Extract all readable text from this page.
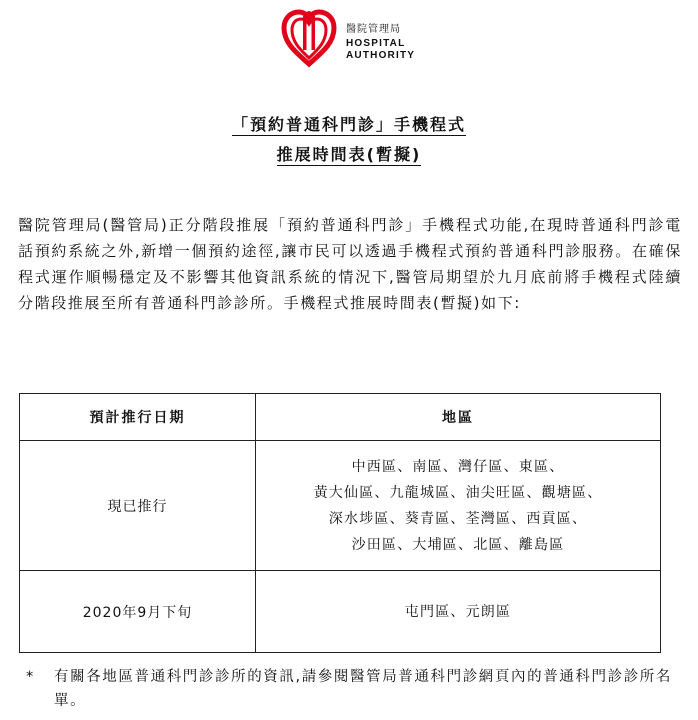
醫院管理局
HOSPITAL
AUTHORITY
「預約普通科門診」手機程式
推展時間表(暫擬)

醫院管理局(醫管局)正分階段推展「預約普通科門診」手機程式功能,在現時普通科門診電話預約系統之外,新增一個預約途徑,讓市民可以透過手機程式預約普通科門診服務。在確保程式運作順暢穩定及不影響其他資訊系統的情況下,醫管局期望於九月底前將手機程式陸續分階段推展至所有普通科門診診所。手機程式推展時間表(暫擬)如下:

預計推行日期	地區
現已推行	中西區、南區、灣仔區、東區、
黃大仙區、九龍城區、油尖旺區、觀塘區、
深水埗區、葵青區、荃灣區、西貢區、
沙田區、大埔區、北區、離島區

2020年9月下旬	屯門區、元朗區
* 有關各地區普通科門診診所的資訊,請參閱醫管局普通科門診網頁內的普通科門診診所名單。
